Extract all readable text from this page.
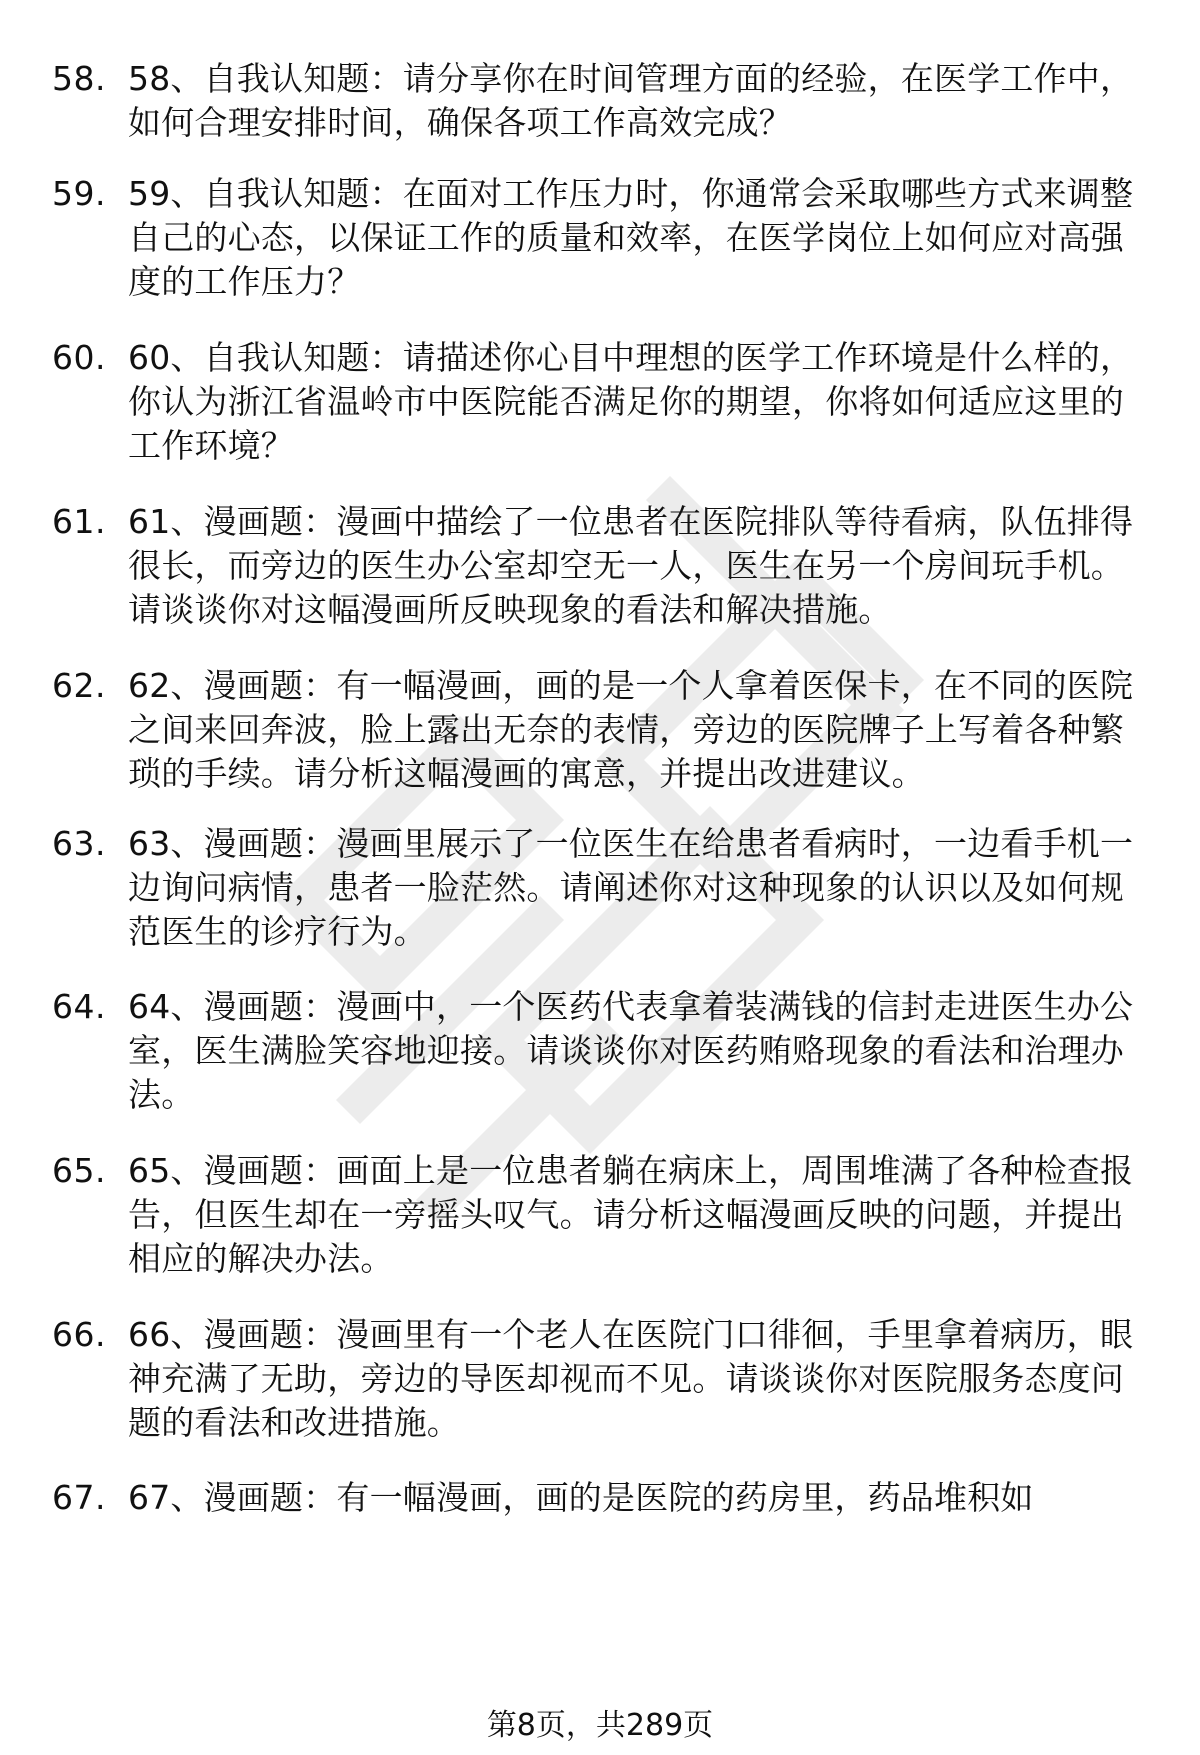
58. 58、自我认知题：请分享你在时间管理方面的经验，在医学工作中，如何合理安排时间，确保各项工作高效完成？
59. 59、自我认知题：在面对工作压力时，你通常会采取哪些方式来调整自己的心态，以保证工作的质量和效率，在医学岗位上如何应对高强度的工作压力？
60. 60、自我认知题：请描述你心目中理想的医学工作环境是什么样的，你认为浙江省温岭市中医院能否满足你的期望，你将如何适应这里的工作环境？
61. 61、漫画题：漫画中描绘了一位患者在医院排队等待看病，队伍排得很长，而旁边的医生办公室却空无一人，医生在另一个房间玩手机。请谈谈你对这幅漫画所反映现象的看法和解决措施。
62. 62、漫画题：有一幅漫画，画的是一个人拿着医保卡，在不同的医院之间来回奔波，脸上露出无奈的表情，旁边的医院牌子上写着各种繁琐的手续。请分析这幅漫画的寓意，并提出改进建议。
63. 63、漫画题：漫画里展示了一位医生在给患者看病时，一边看手机一边询问病情，患者一脸茫然。请阐述你对这种现象的认识以及如何规范医生的诊疗行为。
64. 64、漫画题：漫画中，一个医药代表拿着装满钱的信封走进医生办公室，医生满脸笑容地迎接。请谈谈你对医药贿赂现象的看法和治理办法。
65. 65、漫画题：画面上是一位患者躺在病床上，周围堆满了各种检查报告，但医生却在一旁摇头叹气。请分析这幅漫画反映的问题，并提出相应的解决办法。
66. 66、漫画题：漫画里有一个老人在医院门口徘徊，手里拿着病历，眼神充满了无助，旁边的导医却视而不见。请谈谈你对医院服务态度问题的看法和改进措施。
67. 67、漫画题：有一幅漫画，画的是医院的药房里，药品堆积如
第8页，共289页
